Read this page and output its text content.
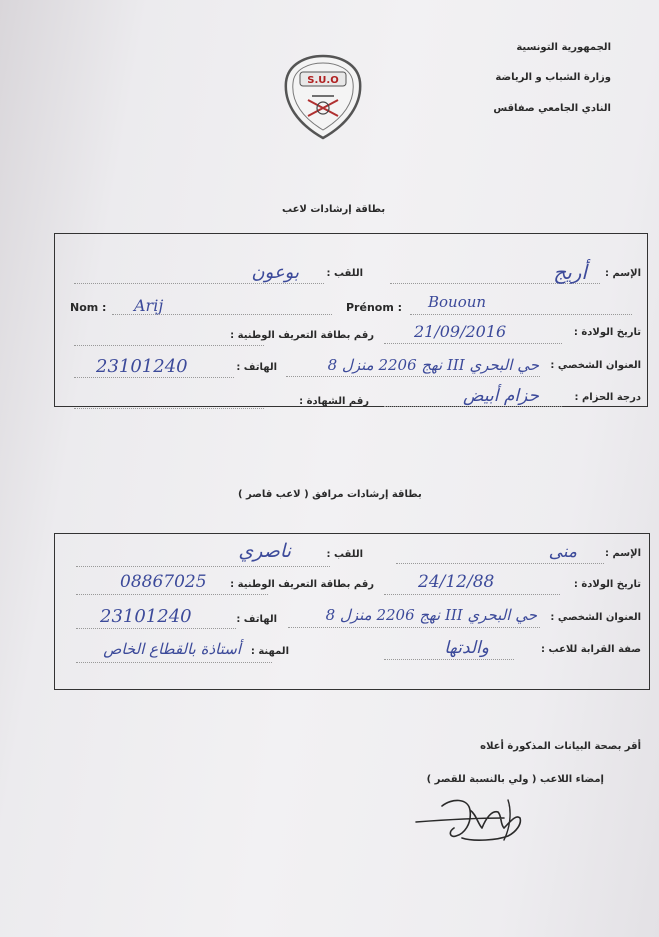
الجمهورية التونسية
وزارة الشباب و الرياضة
النادي الجامعي صفاقس
S.U.O
بطاقة إرشادات لاعب
الإسم :
أريج
اللقب :
بوعون
Nom : Arij	Prénom : Bououn
تاريخ الولادة :
21/09/2016
رقم بطاقة التعريف الوطنية :
العنوان الشخصي :
حي البحري III نهج 2206 منزل 8
الهاتف :
23101240
درجة الحزام :
حزام أبيض
رقم الشهادة :
بطاقة إرشادات مرافق ( لاعب قاصر )
الإسم :
منى
اللقب :
ناصري
تاريخ الولادة :
24/12/88
رقم بطاقة التعريف الوطنية :
08867025
العنوان الشخصي :
حي البحري III نهج 2206 منزل 8
الهاتف :
23101240
صفة القرابة للاعب :
والدتها
المهنة :
أستاذة بالقطاع الخاص
أقر بصحة البيانات المذكورة أعلاه
إمضاء اللاعب ( ولي بالنسبة للقصر )
